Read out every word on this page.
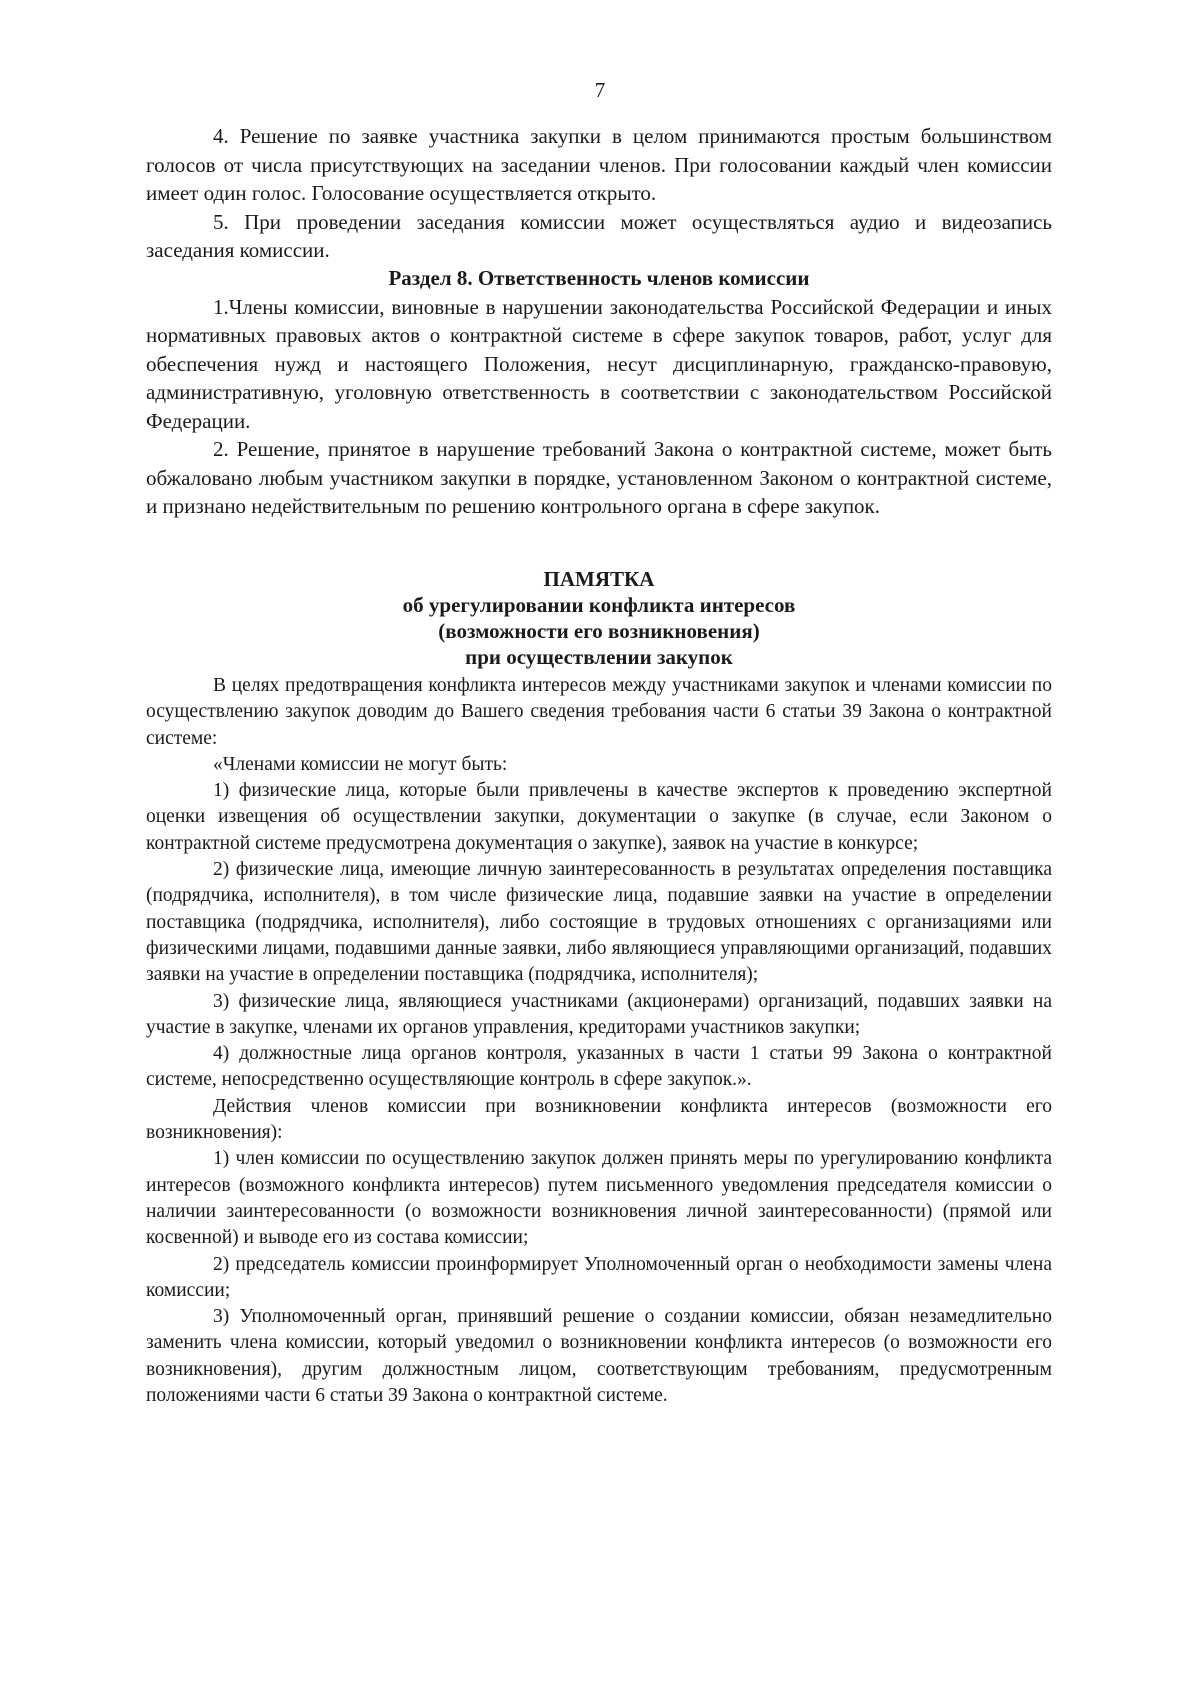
7

4. Решение по заявке участника закупки в целом принимаются простым большинством голосов от числа присутствующих на заседании членов. При голосовании каждый член комиссии имеет один голос. Голосование осуществляется открыто.

5. При проведении заседания комиссии может осуществляться аудио и видеозапись заседания комиссии.

Раздел 8. Ответственность членов комиссии

1.Члены комиссии, виновные в нарушении законодательства Российской Федерации и иных нормативных правовых актов о контрактной системе в сфере закупок товаров, работ, услуг для обеспечения нужд и настоящего Положения, несут дисциплинарную, гражданско-правовую, административную, уголовную ответственность в соответствии с законодательством Российской Федерации.

2. Решение, принятое в нарушение требований Закона о контрактной системе, может быть обжаловано любым участником закупки в порядке, установленном Законом о контрактной системе, и признано недействительным по решению контрольного органа в сфере закупок.

ПАМЯТКА

об урегулировании конфликта интересов

(возможности его возникновения)

при осуществлении закупок

В целях предотвращения конфликта интересов между участниками закупок и членами комиссии по осуществлению закупок доводим до Вашего сведения требования части 6 статьи 39 Закона о контрактной системе:

«Членами комиссии не могут быть:

1) физические лица, которые были привлечены в качестве экспертов к проведению экспертной оценки извещения об осуществлении закупки, документации о закупке (в случае, если Законом о контрактной системе предусмотрена документация о закупке), заявок на участие в конкурсе;

2) физические лица, имеющие личную заинтересованность в результатах определения поставщика (подрядчика, исполнителя), в том числе физические лица, подавшие заявки на участие в определении поставщика (подрядчика, исполнителя), либо состоящие в трудовых отношениях с организациями или физическими лицами, подавшими данные заявки, либо являющиеся управляющими организаций, подавших заявки на участие в определении поставщика (подрядчика, исполнителя);

3) физические лица, являющиеся участниками (акционерами) организаций, подавших заявки на участие в закупке, членами их органов управления, кредиторами участников закупки;

4) должностные лица органов контроля, указанных в части 1 статьи 99 Закона о контрактной системе, непосредственно осуществляющие контроль в сфере закупок.».

Действия членов комиссии при возникновении конфликта интересов (возможности его возникновения):

1) член комиссии по осуществлению закупок должен принять меры по урегулированию конфликта интересов (возможного конфликта интересов) путем письменного уведомления председателя комиссии о наличии заинтересованности (о возможности возникновения личной заинтересованности) (прямой или косвенной) и выводе его из состава комиссии;

2) председатель комиссии проинформирует Уполномоченный орган о необходимости замены члена комиссии;

3) Уполномоченный орган, принявший решение о создании комиссии, обязан незамедлительно заменить члена комиссии, который уведомил о возникновении конфликта интересов (о возможности его возникновения), другим должностным лицом, соответствующим требованиям, предусмотренным положениями части 6 статьи 39 Закона о контрактной системе.
